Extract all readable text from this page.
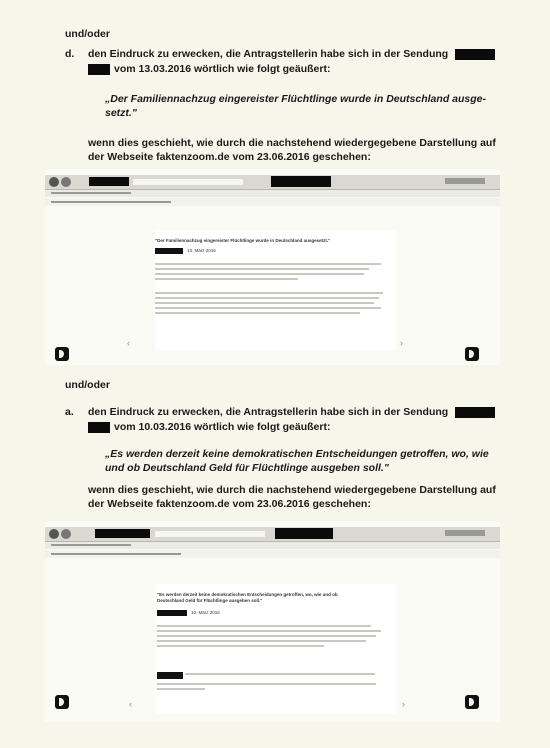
und/oder
d. den Eindruck zu erwecken, die Antragstellerin habe sich in der Sendung
vom 13.03.2016 wörtlich wie folgt geäußert:
„Der Familiennachzug eingereister Flüchtlinge wurde in Deutschland ausge-
setzt."
wenn dies geschieht, wie durch die nachstehend wiedergegebene Darstellung auf
der Webseite faktenzoom.de vom 23.06.2016 geschehen:
"Der Familiennachzug eingereister Flüchtlinge wurde in Deutschland ausgesetzt."
13. März 2016
‹	›
und/oder
a. den Eindruck zu erwecken, die Antragstellerin habe sich in der Sendung
vom 10.03.2016 wörtlich wie folgt geäußert:
„Es werden derzeit keine demokratischen Entscheidungen getroffen, wo, wie
und ob Deutschland Geld für Flüchtlinge ausgeben soll."
wenn dies geschieht, wie durch die nachstehend wiedergegebene Darstellung auf
der Webseite faktenzoom.de vom 23.06.2016 geschehen:
"Es werden derzeit keine demokratischen Entscheidungen getroffen, wo, wie und ob Deutschland Geld für Flüchtlinge ausgeben soll."
10. März 2016
‹	›
